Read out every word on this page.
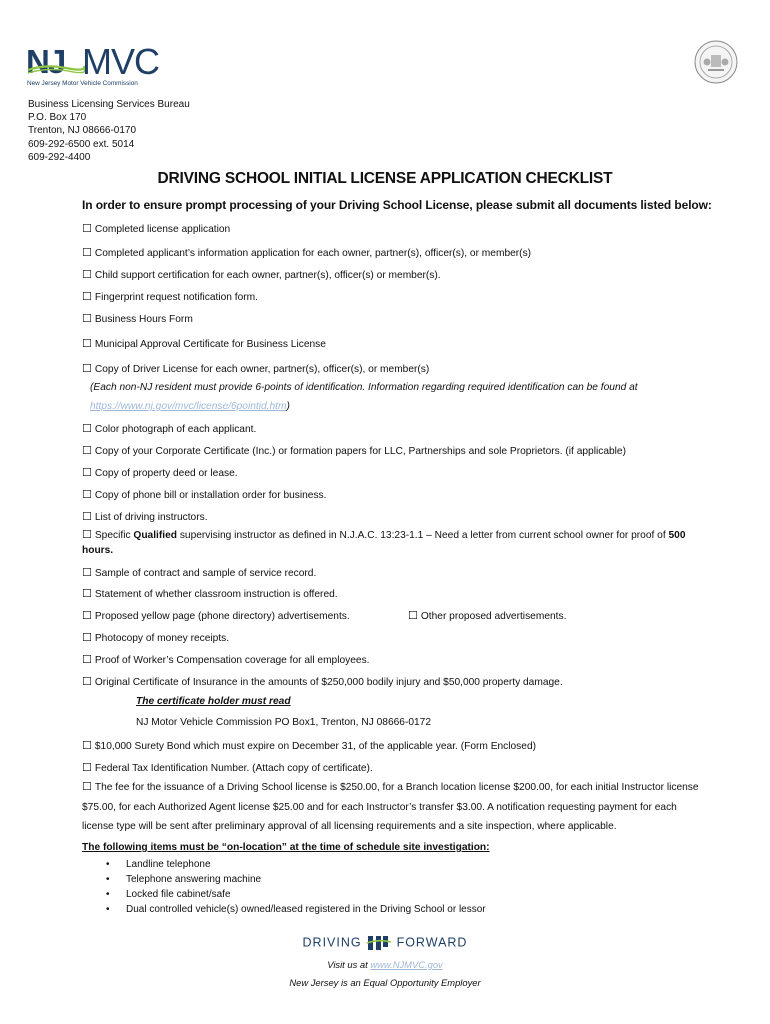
NJ MVC
New Jersey Motor Vehicle Commission
Business Licensing Services Bureau
P.O. Box 170
Trenton, NJ 08666-0170
609-292-6500 ext. 5014
609-292-4400
DRIVING SCHOOL INITIAL LICENSE APPLICATION CHECKLIST
In order to ensure prompt processing of your Driving School License, please submit all documents listed below:
☐ Completed license application
☐ Completed applicant’s information application for each owner, partner(s), officer(s), or member(s)
☐ Child support certification for each owner, partner(s), officer(s) or member(s).
☐ Fingerprint request notification form.
☐ Business Hours Form
☐ Municipal Approval Certificate for Business License
☐ Copy of Driver License for each owner, partner(s), officer(s), or member(s)
(Each non-NJ resident must provide 6-points of identification. Information regarding required identification can be found at
https://www.nj.gov/mvc/license/6pointid.htm)
☐ Color photograph of each applicant.
☐ Copy of your Corporate Certificate (Inc.) or formation papers for LLC, Partnerships and sole Proprietors. (if applicable)
☐ Copy of property deed or lease.
☐ Copy of phone bill or installation order for business.
☐ List of driving instructors.
☐ Specific Qualified supervising instructor as defined in N.J.A.C. 13:23-1.1 – Need a letter from current school owner for proof of 500
hours.
☐ Sample of contract and sample of service record.
☐ Statement of whether classroom instruction is offered.
☐ Proposed yellow page (phone directory) advertisements.	☐ Other proposed advertisements.
☐ Photocopy of money receipts.
☐ Proof of Worker’s Compensation coverage for all employees.
☐ Original Certificate of Insurance in the amounts of $250,000 bodily injury and $50,000 property damage.
The certificate holder must read
NJ Motor Vehicle Commission PO Box1, Trenton, NJ 08666-0172
☐ $10,000 Surety Bond which must expire on December 31, of the applicable year. (Form Enclosed)
☐ Federal Tax Identification Number. (Attach copy of certificate).
☐ The fee for the issuance of a Driving School license is $250.00, for a Branch location license $200.00, for each initial Instructor license $75.00, for each Authorized Agent license $25.00 and for each Instructor’s transfer $3.00. A notification requesting payment for each license type will be sent after preliminary approval of all licensing requirements and a site inspection, where applicable.
The following items must be “on-location” at the time of schedule site investigation:
• Landline telephone
• Telephone answering machine
• Locked file cabinet/safe
• Dual controlled vehicle(s) owned/leased registered in the Driving School or lessor
DRIVING	FORWARD
Visit us at www.NJMVC.gov
New Jersey is an Equal Opportunity Employer
